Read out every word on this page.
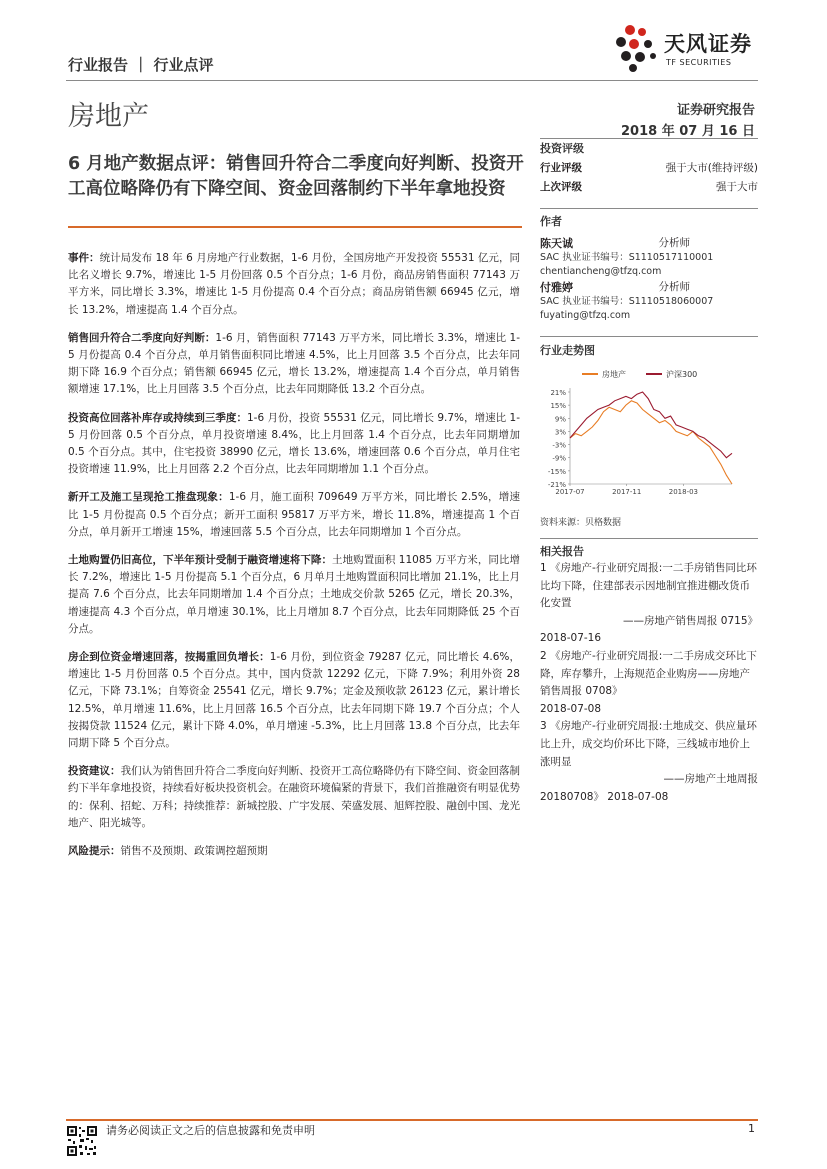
行业报告 ｜ 行业点评
天风证券
TF SECURITIES
房地产	证券研究报告
2018 年 07 月 16 日
6 月地产数据点评：销售回升符合二季度向好判断、投资开工高位略降仍有下降空间、资金回落制约下半年拿地投资

事件：统计局发布 18 年 6 月房地产行业数据，1-6 月份，全国房地产开发投资 55531 亿元，同比名义增长 9.7%，增速比 1-5 月份回落 0.5 个百分点；1-6 月份，商品房销售面积 77143 万平方米，同比增长 3.3%，增速比 1-5 月份提高 0.4 个百分点；商品房销售额 66945 亿元，增长 13.2%，增速提高 1.4 个百分点。

销售回升符合二季度向好判断：1-6 月，销售面积 77143 万平方米，同比增长 3.3%，增速比 1-5 月份提高 0.4 个百分点，单月销售面积同比增速 4.5%，比上月回落 3.5 个百分点，比去年同期下降 16.9 个百分点；销售额 66945 亿元，增长 13.2%，增速提高 1.4 个百分点，单月销售额增速 17.1%，比上月回落 3.5 个百分点，比去年同期降低 13.2 个百分点。

投资高位回落补库存或持续到三季度：1-6 月份，投资 55531 亿元，同比增长 9.7%，增速比 1-5 月份回落 0.5 个百分点，单月投资增速 8.4%，比上月回落 1.4 个百分点，比去年同期增加 0.5 个百分点。其中，住宅投资 38990 亿元，增长 13.6%，增速回落 0.6 个百分点，单月住宅投资增速 11.9%，比上月回落 2.2 个百分点，比去年同期增加 1.1 个百分点。

新开工及施工呈现抢工推盘现象：1-6 月，施工面积 709649 万平方米，同比增长 2.5%，增速比 1-5 月份提高 0.5 个百分点；新开工面积 95817 万平方米，增长 11.8%，增速提高 1 个百分点，单月新开工增速 15%，增速回落 5.5 个百分点，比去年同期增加 1 个百分点。

土地购置仍旧高位，下半年预计受制于融资增速将下降：土地购置面积 11085 万平方米，同比增长 7.2%，增速比 1-5 月份提高 5.1 个百分点，6 月单月土地购置面积同比增加 21.1%，比上月提高 7.6 个百分点，比去年同期增加 1.4 个百分点；土地成交价款 5265 亿元，增长 20.3%，增速提高 4.3 个百分点，单月增速 30.1%，比上月增加 8.7 个百分点，比去年同期降低 25 个百分点。

房企到位资金增速回落，按揭重回负增长：1-6 月份，到位资金 79287 亿元，同比增长 4.6%，增速比 1-5 月份回落 0.5 个百分点。其中，国内贷款 12292 亿元，下降 7.9%；利用外资 28 亿元，下降 73.1%；自筹资金 25541 亿元，增长 9.7%；定金及预收款 26123 亿元，累计增长 12.5%，单月增速 11.6%，比上月回落 16.5 个百分点，比去年同期下降 19.7 个百分点；个人按揭贷款 11524 亿元，累计下降 4.0%，单月增速 -5.3%，比上月回落 13.8 个百分点，比去年同期下降 5 个百分点。

投资建议：我们认为销售回升符合二季度向好判断、投资开工高位略降仍有下降空间、资金回落制约下半年拿地投资，持续看好板块投资机会。在融资环境偏紧的背景下，我们首推融资有明显优势的：保利、招蛇、万科；持续推荐：新城控股、广宇发展、荣盛发展、旭辉控股、融创中国、龙光地产、阳光城等。

风险提示：销售不及预期、政策调控超预期

投资评级
行业评级	强于大市(维持评级)
上次评级	强于大市
作者
陈天诚	分析师
SAC 执业证书编号：S1110517110001
chentiancheng@tfzq.com
付雅婷	分析师
SAC 执业证书编号：S1110518060007
fuyating@tfzq.com
行业走势图
21%
15%
9%
3%
-3%
-9%
-15%
-21%
2017-07	2017-11	2018-03
房地产	沪深300
资料来源：贝格数据
相关报告
1 《房地产-行业研究周报:一二手房销售同比环比均下降，住建部表示因地制宜推进棚改货币化安置
——房地产销售周报 0715》
2018-07-16
2 《房地产-行业研究周报:一二手房成交环比下降，库存攀升，上海规范企业购房——房地产销售周报 0708》
2018-07-08
3 《房地产-行业研究周报:土地成交、供应量环比上升，成交均价环比下降，三线城市地价上涨明显
——房地产土地周报
20180708》 2018-07-08
请务必阅读正文之后的信息披露和免责申明	1
